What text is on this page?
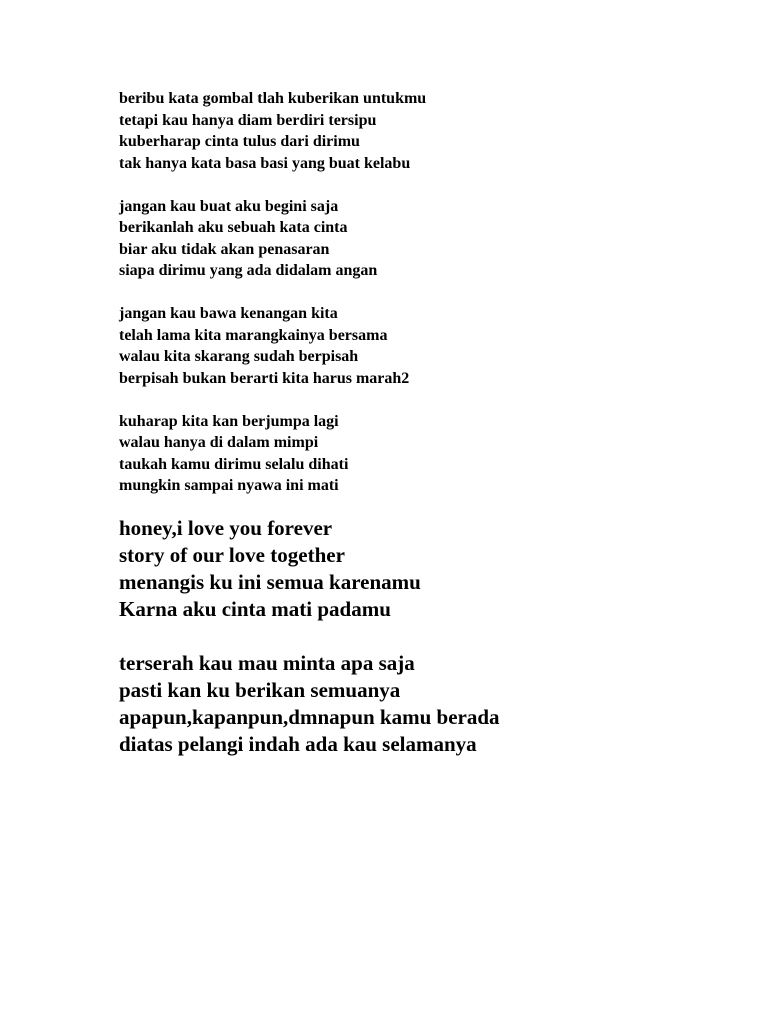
beribu kata gombal tlah kuberikan untukmu
tetapi kau hanya diam berdiri tersipu
kuberharap cinta tulus dari dirimu
tak hanya kata basa basi yang buat kelabu
jangan kau buat aku begini saja
berikanlah aku sebuah kata cinta
biar aku tidak akan penasaran
siapa dirimu yang ada didalam angan
jangan kau bawa kenangan kita
telah lama kita marangkainya bersama
walau kita skarang sudah berpisah
berpisah bukan berarti kita harus marah2
kuharap kita kan berjumpa lagi
walau hanya di dalam mimpi
taukah kamu dirimu selalu dihati
mungkin sampai nyawa ini mati
honey,i love you forever
story of our love together
menangis ku ini semua karenamu
Karna aku cinta mati padamu
terserah kau mau minta apa saja
pasti kan ku berikan semuanya
apapun,kapanpun,dmnapun kamu berada
diatas pelangi indah ada kau selamanya
